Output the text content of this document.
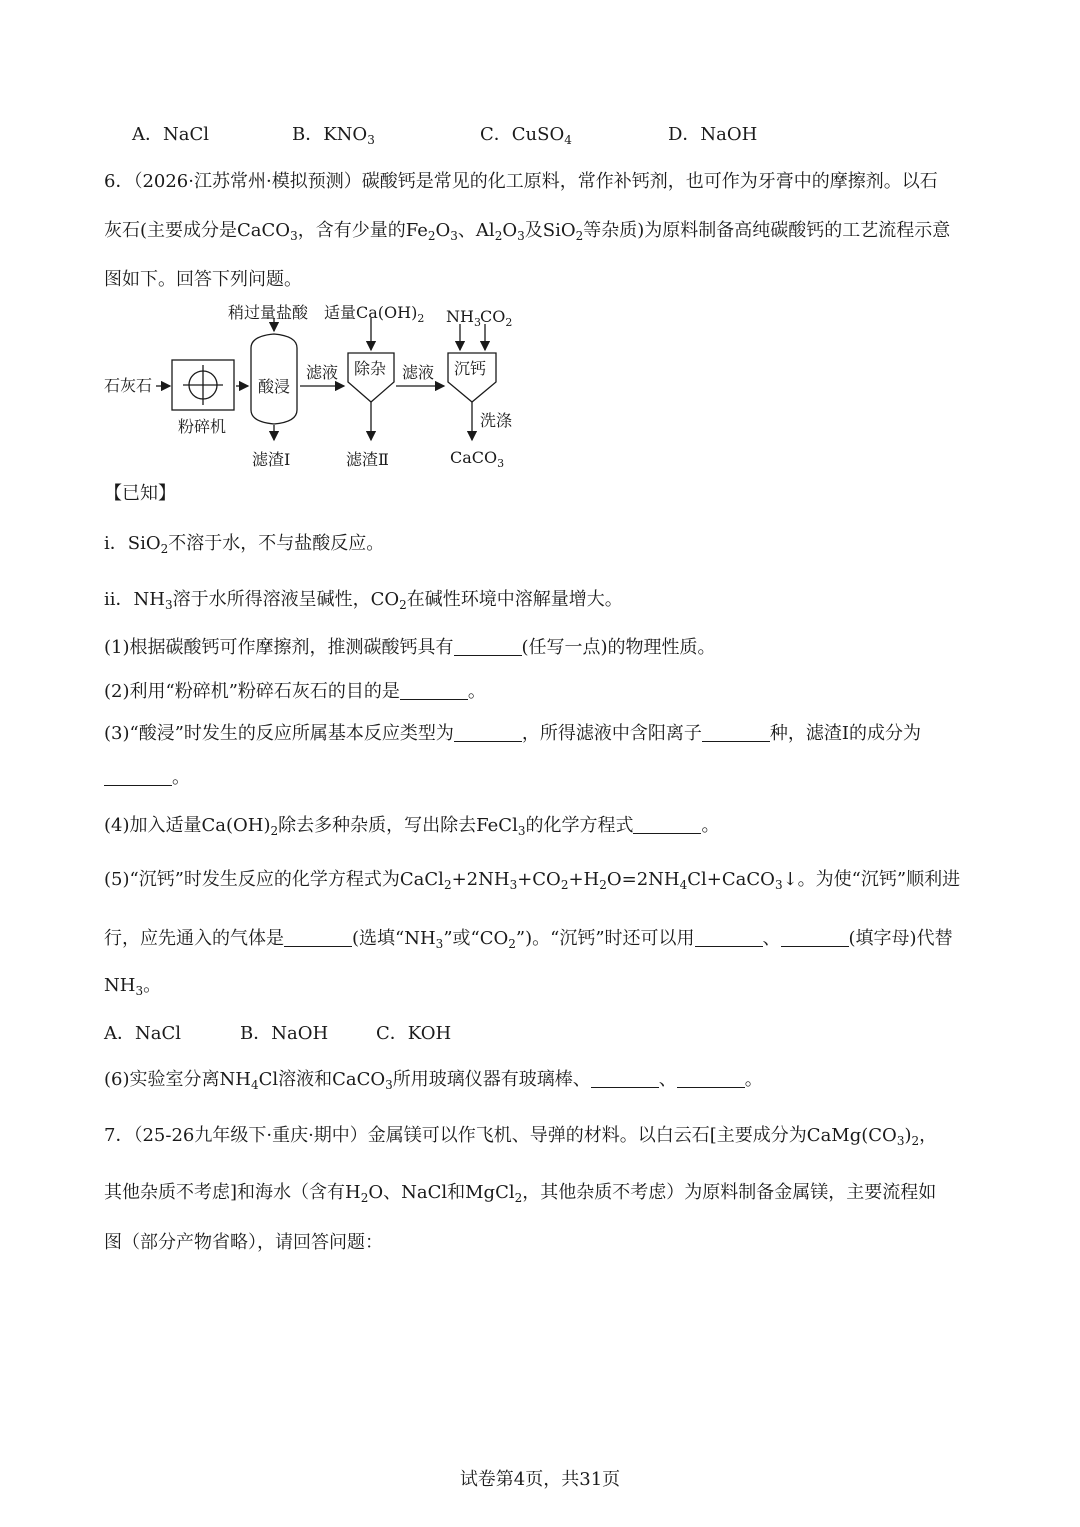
A．NaCl	B．$KNO_3$	C．CuSO$_4$	D．NaOH
6．（2026·江苏常州·模拟预测）碳酸钙是常见的化工原料，常作补钙剂，也可作为牙膏中的摩擦剂。以石
灰石(主要成分是CaCO$_3$，含有少量的$Fe_2O_3$、$Al_2O_3$及SiO$_2$等杂质)为原料制备高纯碳酸钙的工艺流程示意
图如下。回答下列问题。
稍过量盐酸 适量$Ca(OH)_2$ $NH_3$ $CO_2$
石灰石
粉碎机
酸浸
滤液 除杂 滤液 沉钙
滤渣Ⅰ	滤渣Ⅱ
洗涤
CaCO$_3$
【已知】
i．SiO$_2$不溶于水，不与盐酸反应。
ii．$NH_3$溶于水所得溶液呈碱性，$CO_2$在碱性环境中溶解量增大。
(1)根据碳酸钙可作摩擦剂，推测碳酸钙具有	(任写一点)的物理性质。
(2)利用“粉碎机”粉碎石灰石的目的是	。
(3)“酸浸”时发生的反应所属基本反应类型为	，所得滤液中含阳离子	种，滤渣Ⅰ的成分为
。
(4)加入适量$Ca(OH)_2$除去多种杂质，写出除去FeCl$_3$的化学方程式	。
(5)“沉钙”时发生反应的化学方程式为$CaCl_2+2NH_3+CO_2+H_2O=2NH_4Cl+CaCO_3↓$。为使“沉钙”顺利进
行，应先通入的气体是	(选填“$NH_3$”或“$CO_2$”)。“沉钙”时还可以用	、	(填字母)代替
$NH_3$。
A．NaCl	B．NaOH	C．KOH
(6)实验室分离$NH_4Cl$溶液和CaCO$_3$所用玻璃仪器有玻璃棒、	、	。
7．（25-26九年级下·重庆·期中）金属镁可以作飞机、导弹的材料。以白云石[主要成分为$CaMg(CO_3)_2$，
其他杂质不考虑]和海水（含有$H_2O$、NaCl和MgCl$_2$，其他杂质不考虑）为原料制备金属镁，主要流程如
图（部分产物省略），请回答问题：
试卷第4页，共31页
